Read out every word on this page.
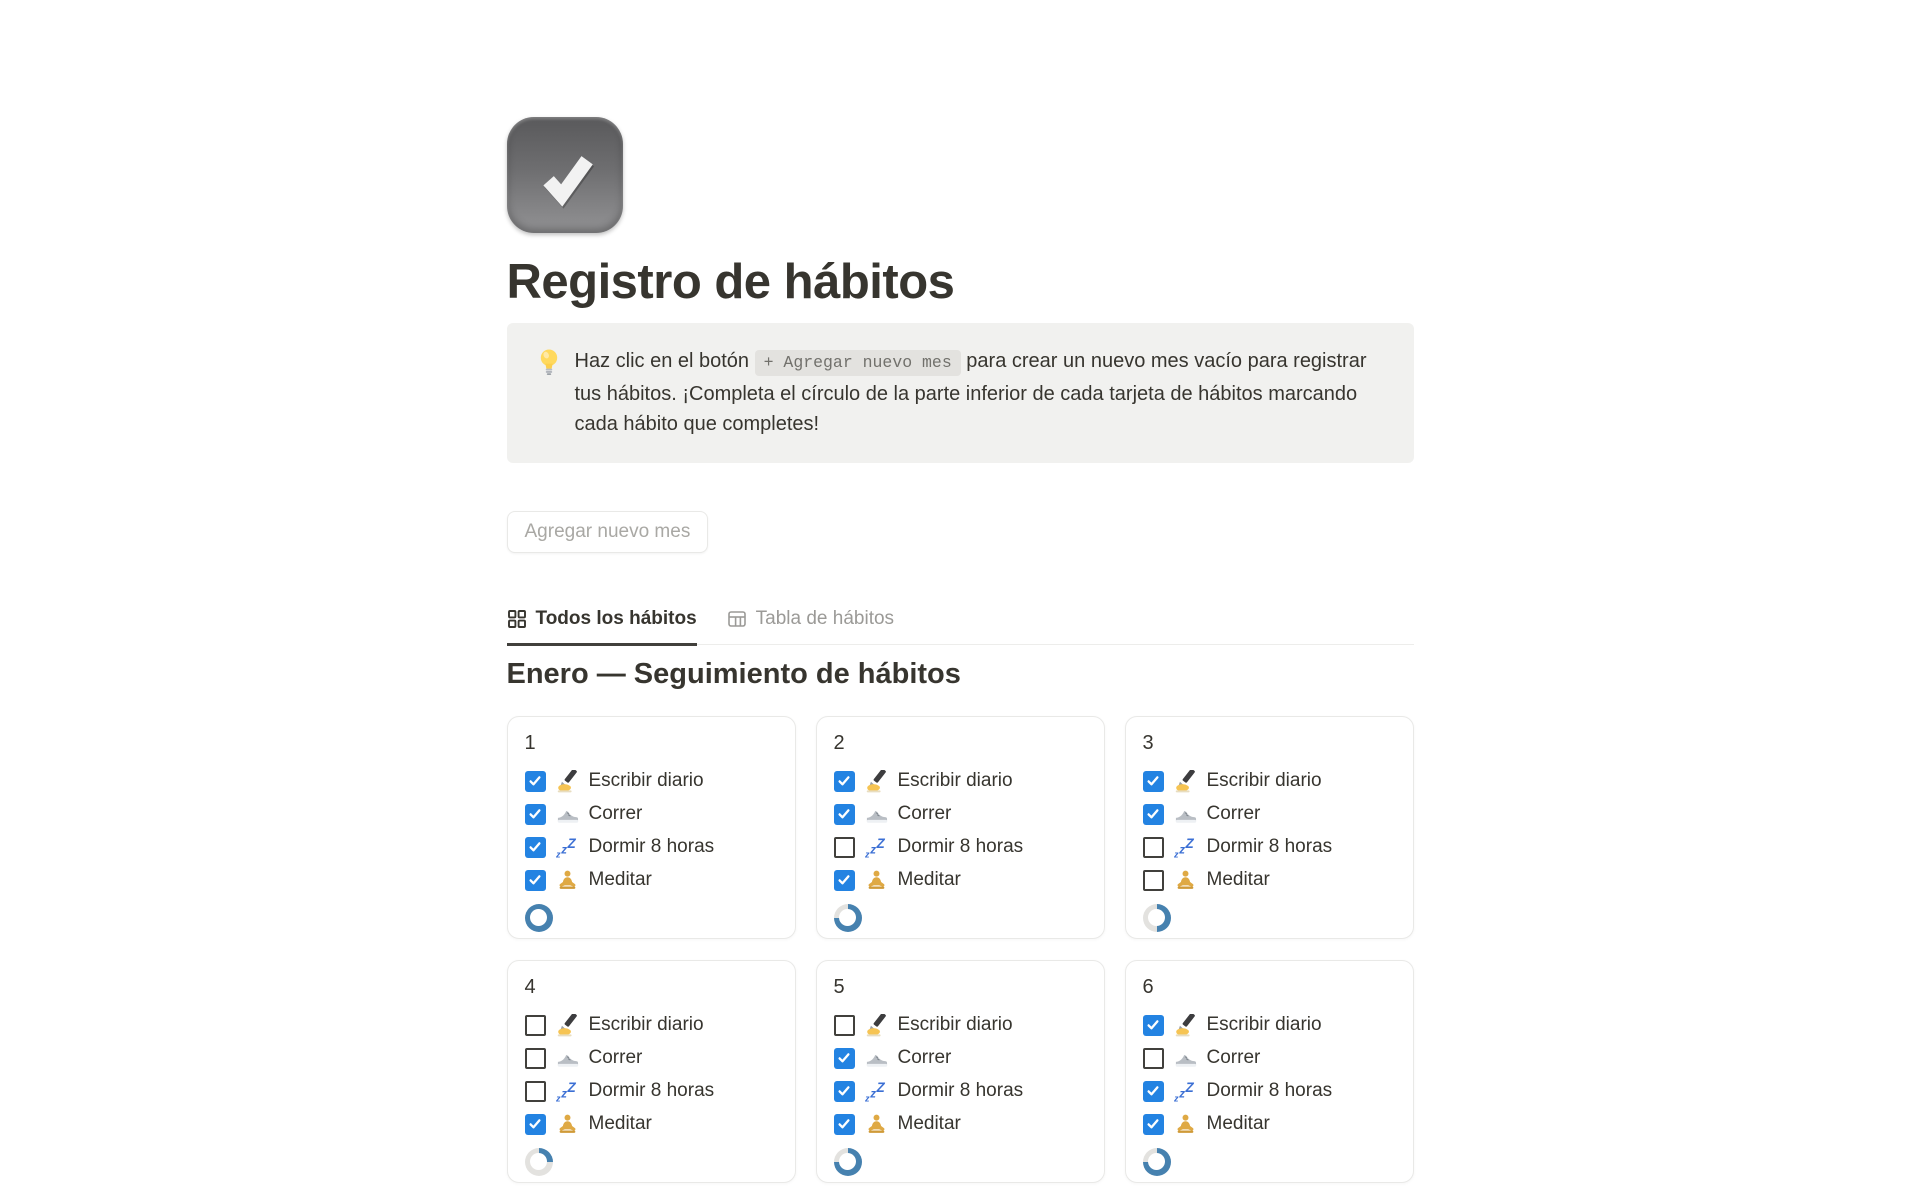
Registro de hábitos

Haz clic en el botón + Agregar nuevo mes para crear un nuevo mes vacío para registrar tus hábitos. ¡Completa el círculo de la parte inferior de cada tarjeta de hábitos marcando cada hábito que completes!

Agregar nuevo mes
Todos los hábitos	Tabla de hábitos
Enero — Seguimiento de hábitos
1
Escribir diario
Correr
z z Z Dormir 8 horas
Meditar
2
Escribir diario
Correr
z z Z Dormir 8 horas
Meditar
3
Escribir diario
Correr
z z Z Dormir 8 horas
Meditar
4
Escribir diario
Correr
z z Z Dormir 8 horas
Meditar
5
Escribir diario
Correr
z z Z Dormir 8 horas
Meditar
6
Escribir diario
Correr
z z Z Dormir 8 horas
Meditar
